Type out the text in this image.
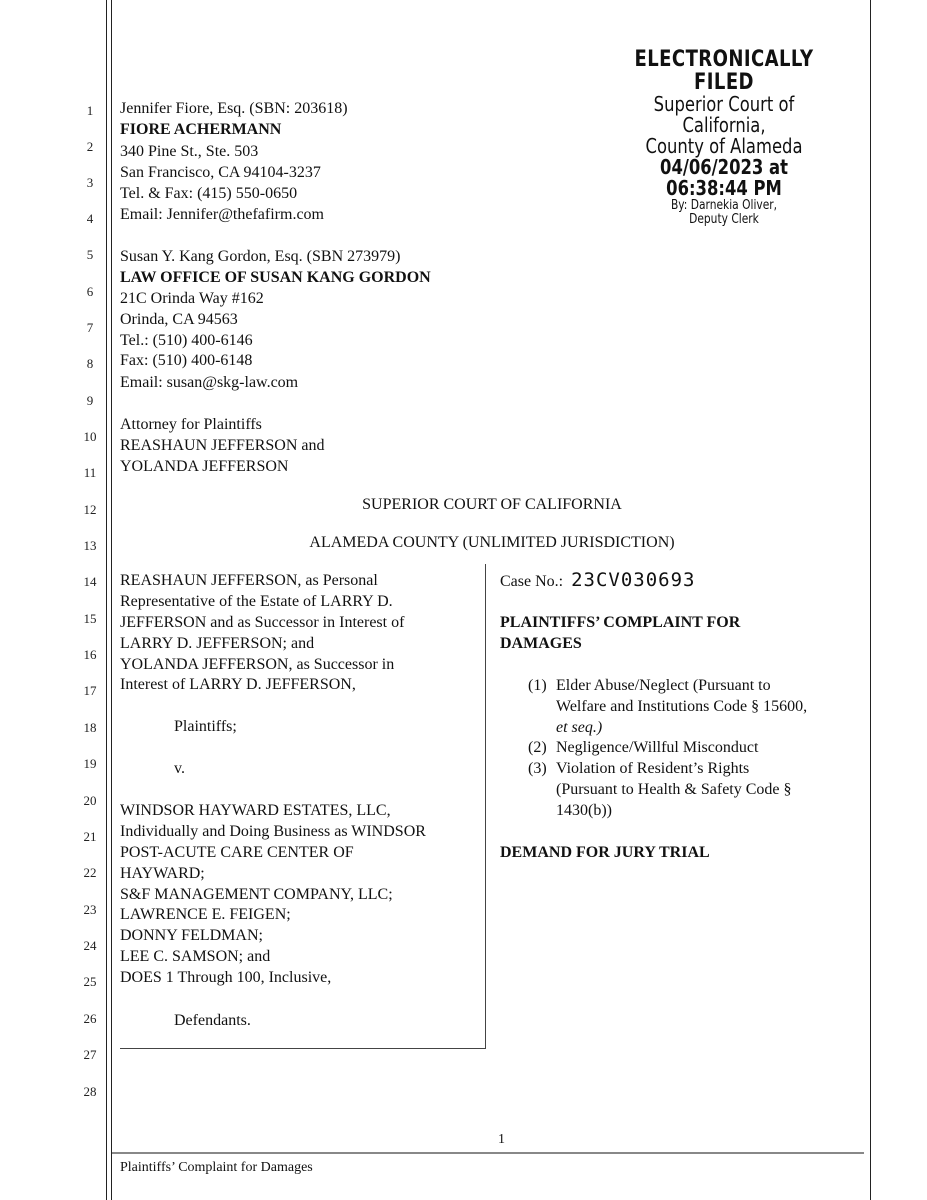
1
2
3
4
5
6
7
8
9
10
11
12
13
14
15
16
17
18
19
20
21
22
23
24
25
26
27
28
ELECTRONICALLY FILED
Superior Court of California,
County of Alameda
04/06/2023 at 06:38:44 PM
By: Darnekia Oliver,
Deputy Clerk
Jennifer Fiore, Esq. (SBN: 203618)
FIORE ACHERMANN
340 Pine St., Ste. 503
San Francisco, CA 94104-3237
Tel. & Fax: (415) 550-0650
Email: Jennifer@thefafirm.com
Susan Y. Kang Gordon, Esq. (SBN 273979)
LAW OFFICE OF SUSAN KANG GORDON
21C Orinda Way #162
Orinda, CA 94563
Tel.: (510) 400-6146
Fax: (510) 400-6148
Email: susan@skg-law.com
Attorney for Plaintiffs
REASHAUN JEFFERSON and
YOLANDA JEFFERSON
SUPERIOR COURT OF CALIFORNIA
ALAMEDA COUNTY (UNLIMITED JURISDICTION)
REASHAUN JEFFERSON, as Personal
Representative of the Estate of LARRY D.
JEFFERSON and as Successor in Interest of
LARRY D. JEFFERSON; and
YOLANDA JEFFERSON, as Successor in
Interest of LARRY D. JEFFERSON,
Plaintiffs;
v.
WINDSOR HAYWARD ESTATES, LLC,
Individually and Doing Business as WINDSOR
POST-ACUTE CARE CENTER OF
HAYWARD;
S&F MANAGEMENT COMPANY, LLC;
LAWRENCE E. FEIGEN;
DONNY FELDMAN;
LEE C. SAMSON; and
DOES 1 Through 100, Inclusive,
Defendants.
Case No.: 23CV030693
PLAINTIFFS’ COMPLAINT FOR
DAMAGES
(1) Elder Abuse/Neglect (Pursuant to
Welfare and Institutions Code § 15600,
et seq.)
(2) Negligence/Willful Misconduct
(3) Violation of Resident’s Rights
(Pursuant to Health & Safety Code §
1430(b))
DEMAND FOR JURY TRIAL
1
Plaintiffs’ Complaint for Damages
